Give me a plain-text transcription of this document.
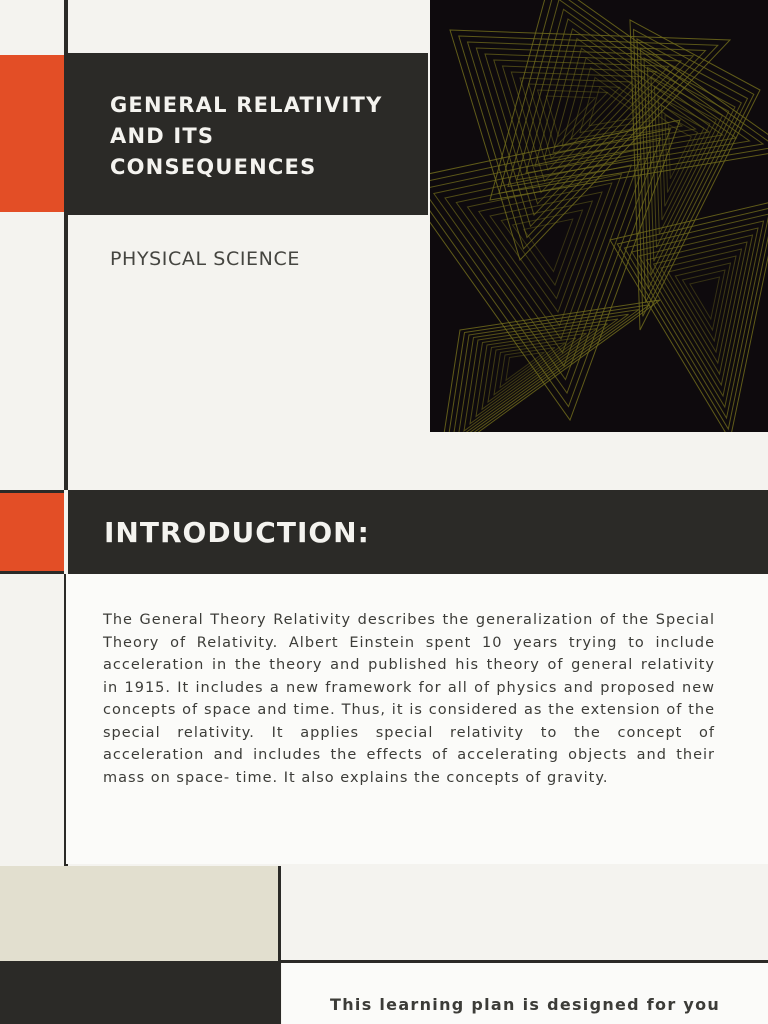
GENERAL RELATIVITY AND ITS CONSEQUENCES

PHYSICAL SCIENCE

INTRODUCTION:

The General Theory Relativity describes the generalization of the Special Theory of Relativity. Albert Einstein spent 10 years trying to include acceleration in the theory and published his theory of general relativity in 1915. It includes a new framework for all of physics and proposed new concepts of space and time. Thus, it is considered as the extension of the special relativity. It applies special relativity to the concept of acceleration and includes the effects of accelerating objects and their mass on space- time. It also explains the concepts of gravity.

This learning plan is designed for you
